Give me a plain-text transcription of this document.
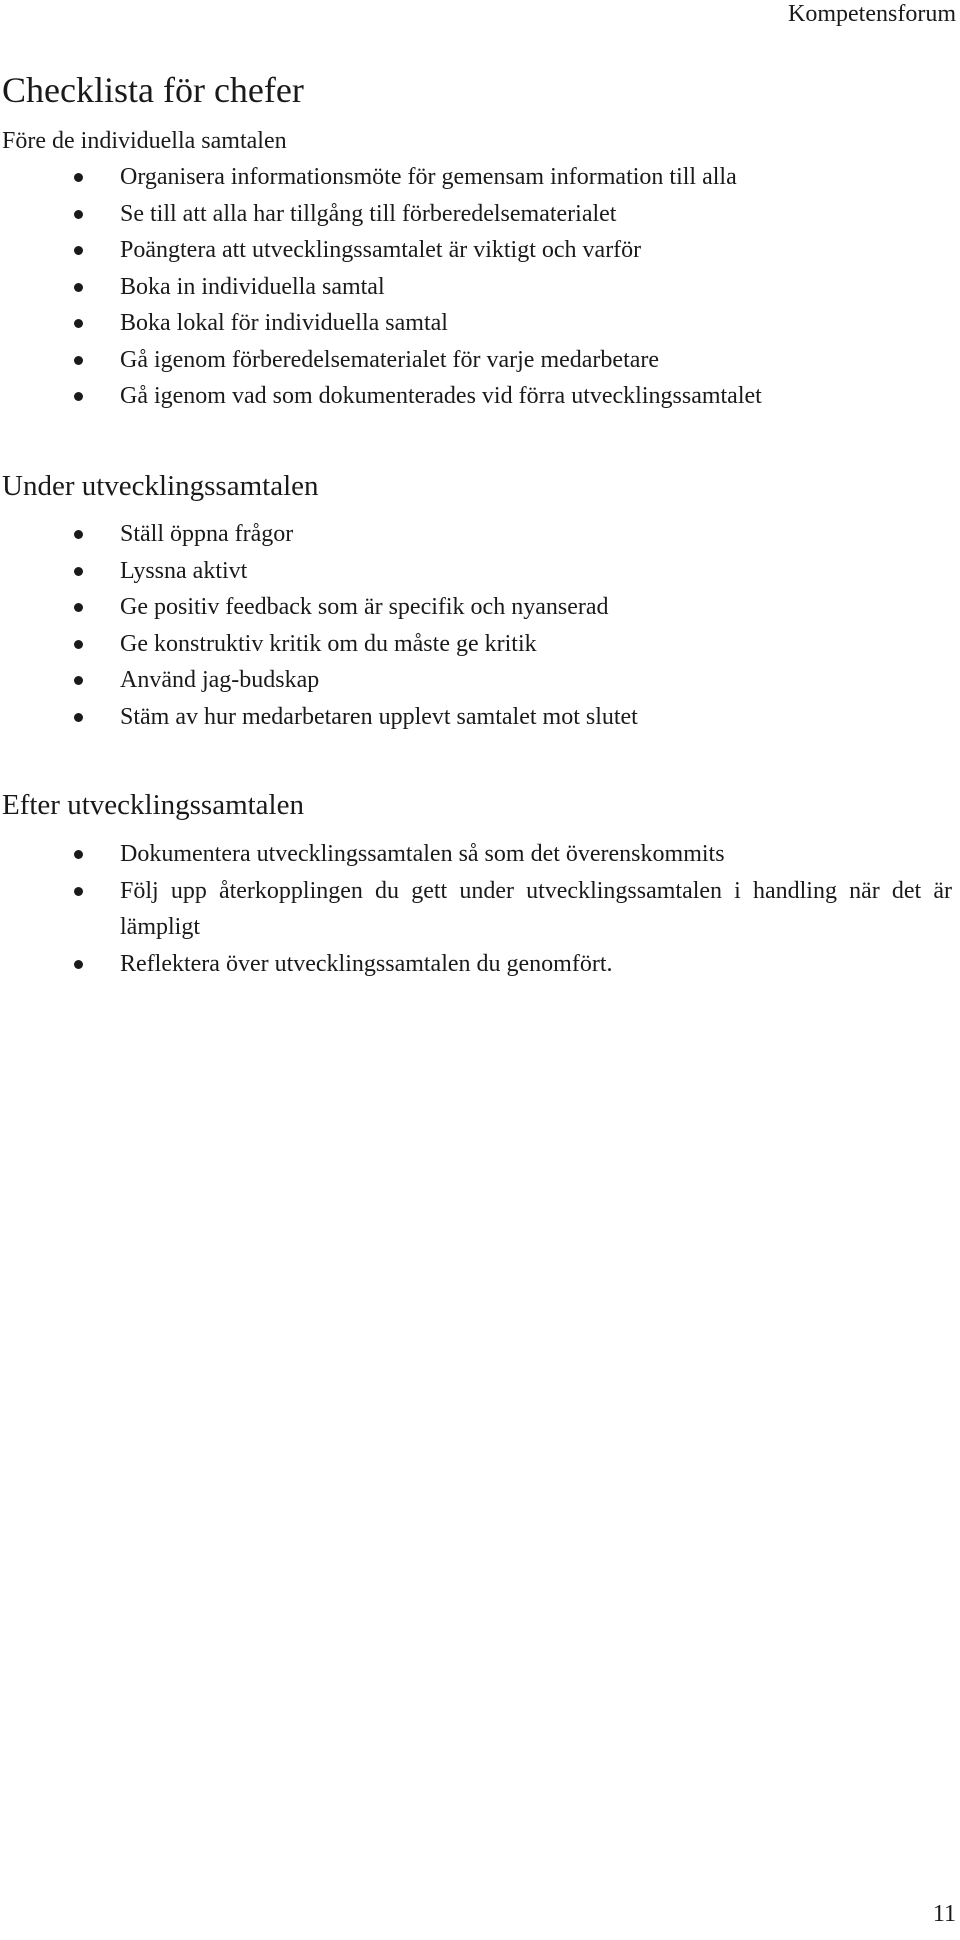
Kompetensforum
Checklista för chefer
Före de individuella samtalen
Organisera informationsmöte för gemensam information till alla
Se till att alla har tillgång till förberedelsematerialet
Poängtera att utvecklingssamtalet är viktigt och varför
Boka in individuella samtal
Boka lokal för individuella samtal
Gå igenom förberedelsematerialet för varje medarbetare
Gå igenom vad som dokumenterades vid förra utvecklingssamtalet
Under utvecklingssamtalen
Ställ öppna frågor
Lyssna aktivt
Ge positiv feedback som är specifik och nyanserad
Ge konstruktiv kritik om du måste ge kritik
Använd jag-budskap
Stäm av hur medarbetaren upplevt samtalet mot slutet
Efter utvecklingssamtalen
Dokumentera utvecklingssamtalen så som det överenskommits
Följ upp återkopplingen du gett under utvecklingssamtalen i handling när det är lämpligt
Reflektera över utvecklingssamtalen du genomfört.
11
